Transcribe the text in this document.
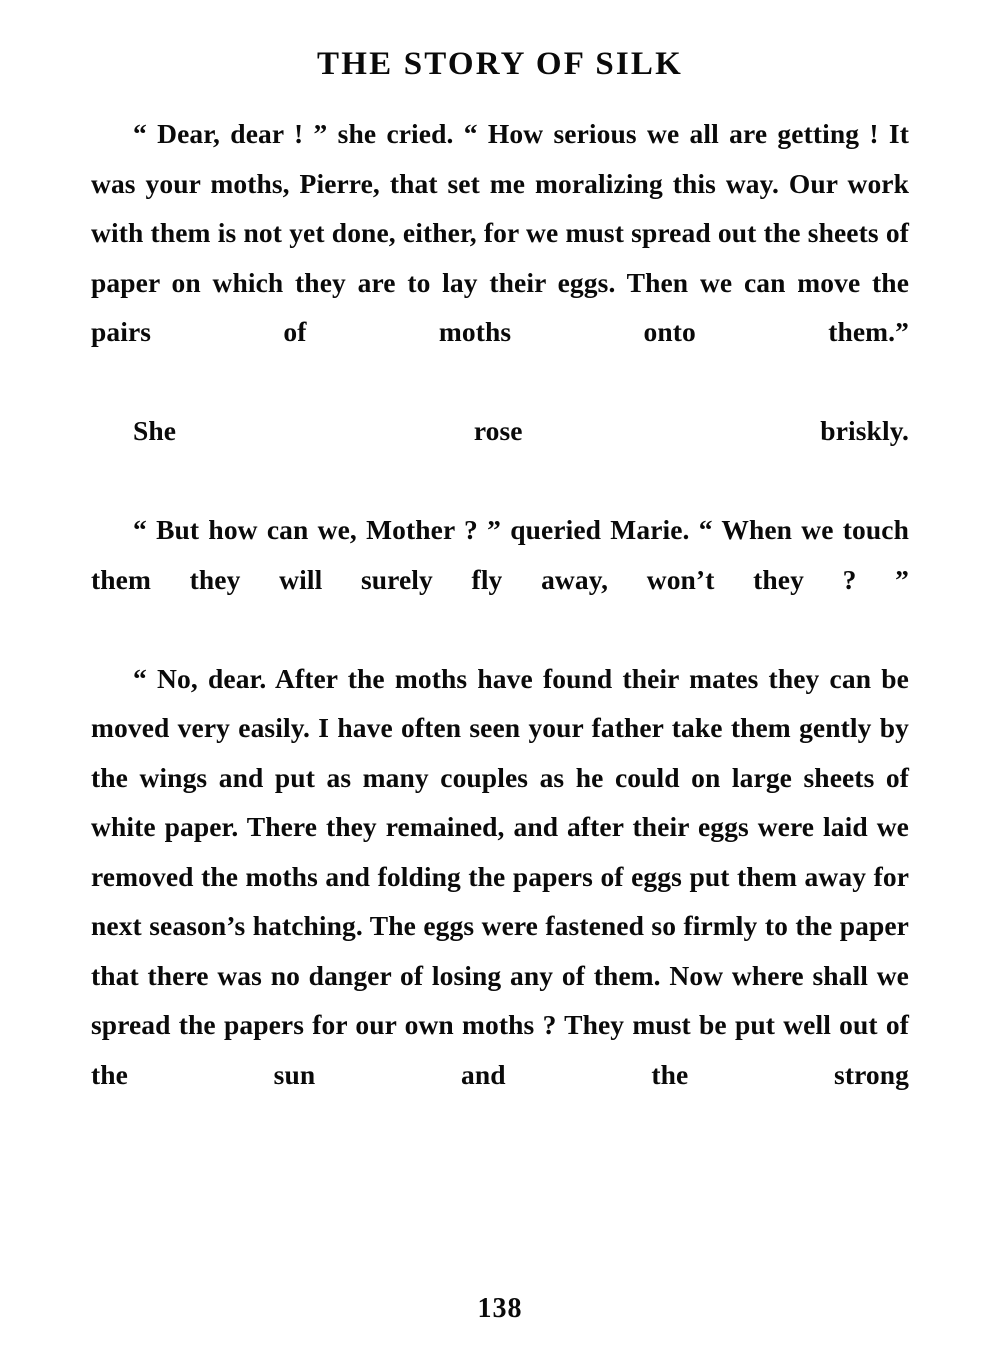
THE STORY OF SILK

“ Dear, dear ! ” she cried. “ How serious we all are getting ! It was your moths, Pierre, that set me moralizing this way. Our work with them is not yet done, either, for we must spread out the sheets of paper on which they are to lay their eggs. Then we can move the pairs of moths onto them.”

She rose briskly.

“ But how can we, Mother ? ” queried Marie. “ When we touch them they will surely fly away, won’t they ? ”

“ No, dear. After the moths have found their mates they can be moved very easily. I have often seen your father take them gently by the wings and put as many couples as he could on large sheets of white paper. There they remained, and after their eggs were laid we removed the moths and folding the papers of eggs put them away for next season’s hatching. The eggs were fastened so firmly to the paper that there was no danger of losing any of them. Now where shall we spread the papers for our own moths ? They must be put well out of the sun and the strong

138
